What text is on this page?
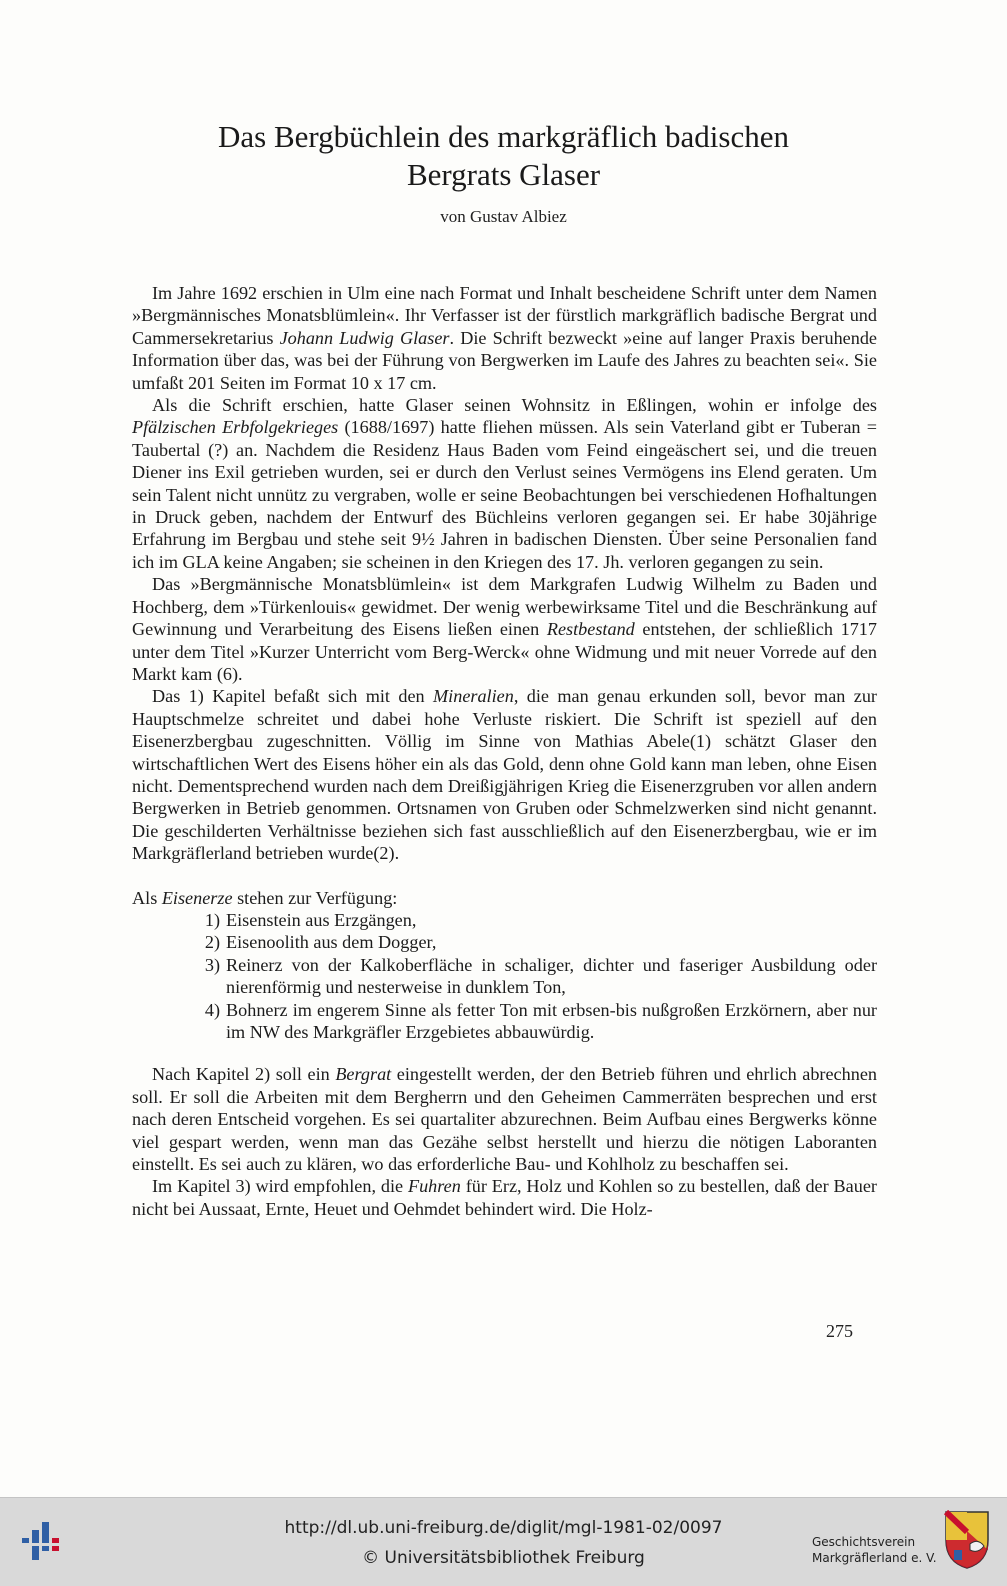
Das Bergbüchlein des markgräflich badischen
Bergrats Glaser
von Gustav Albiez

Im Jahre 1692 erschien in Ulm eine nach Format und Inhalt bescheidene Schrift unter dem Namen »Bergmännisches Monatsblümlein«. Ihr Verfasser ist der fürstlich markgräflich badische Bergrat und Cammersekretarius Johann Ludwig Glaser. Die Schrift bezweckt »eine auf langer Praxis beruhende Information über das, was bei der Führung von Bergwerken im Laufe des Jahres zu beachten sei«. Sie umfaßt 201 Seiten im Format 10 x 17 cm.

Als die Schrift erschien, hatte Glaser seinen Wohnsitz in Eßlingen, wohin er infolge des Pfälzischen Erbfolgekrieges (1688/1697) hatte fliehen müssen. Als sein Vaterland gibt er Tuberan = Taubertal (?) an. Nachdem die Residenz Haus Baden vom Feind eingeäschert sei, und die treuen Diener ins Exil getrieben wurden, sei er durch den Verlust seines Vermögens ins Elend geraten. Um sein Talent nicht unnütz zu vergraben, wolle er seine Beobachtungen bei verschiedenen Hofhaltungen in Druck geben, nachdem der Entwurf des Büchleins verloren gegangen sei. Er habe 30jährige Erfahrung im Bergbau und stehe seit 9½ Jahren in badischen Diensten. Über seine Personalien fand ich im GLA keine Angaben; sie scheinen in den Kriegen des 17. Jh. verloren gegangen zu sein.

Das »Bergmännische Monatsblümlein« ist dem Markgrafen Ludwig Wilhelm zu Baden und Hochberg, dem »Türkenlouis« gewidmet. Der wenig werbewirksame Titel und die Beschränkung auf Gewinnung und Verarbeitung des Eisens ließen einen Restbestand entstehen, der schließlich 1717 unter dem Titel »Kurzer Unterricht vom Berg-Werck« ohne Widmung und mit neuer Vorrede auf den Markt kam (6).

Das 1) Kapitel befaßt sich mit den Mineralien, die man genau erkunden soll, bevor man zur Hauptschmelze schreitet und dabei hohe Verluste riskiert. Die Schrift ist speziell auf den Eisenerzbergbau zugeschnitten. Völlig im Sinne von Mathias Abele(1) schätzt Glaser den wirtschaftlichen Wert des Eisens höher ein als das Gold, denn ohne Gold kann man leben, ohne Eisen nicht. Dementsprechend wurden nach dem Dreißigjährigen Krieg die Eisenerzgruben vor allen andern Bergwerken in Betrieb genommen. Ortsnamen von Gruben oder Schmelzwerken sind nicht genannt. Die geschilderten Verhältnisse beziehen sich fast ausschließlich auf den Eisenerzbergbau, wie er im Markgräflerland betrieben wurde(2).

Als Eisenerze stehen zur Verfügung:

1) Eisenstein aus Erzgängen,
2) Eisenoolith aus dem Dogger,
3) Reinerz von der Kalkoberfläche in schaliger, dichter und faseriger Ausbildung oder nierenförmig und nesterweise in dunklem Ton,
4) Bohnerz im engerem Sinne als fetter Ton mit erbsen-bis nußgroßen Erzkörnern, aber nur im NW des Markgräfler Erzgebietes abbauwürdig.

Nach Kapitel 2) soll ein Bergrat eingestellt werden, der den Betrieb führen und ehrlich abrechnen soll. Er soll die Arbeiten mit dem Bergherrn und den Geheimen Cammerräten besprechen und erst nach deren Entscheid vorgehen. Es sei quartaliter abzurechnen. Beim Aufbau eines Bergwerks könne viel gespart werden, wenn man das Gezähe selbst herstellt und hierzu die nötigen Laboranten einstellt. Es sei auch zu klären, wo das erforderliche Bau- und Kohlholz zu beschaffen sei.

Im Kapitel 3) wird empfohlen, die Fuhren für Erz, Holz und Kohlen so zu bestellen, daß der Bauer nicht bei Aussaat, Ernte, Heuet und Oehmdet behindert wird. Die Holz-

275
http://dl.ub.uni-freiburg.de/diglit/mgl-1981-02/0097
© Universitätsbibliothek Freiburg
Geschichtsverein
Markgräflerland e. V.
